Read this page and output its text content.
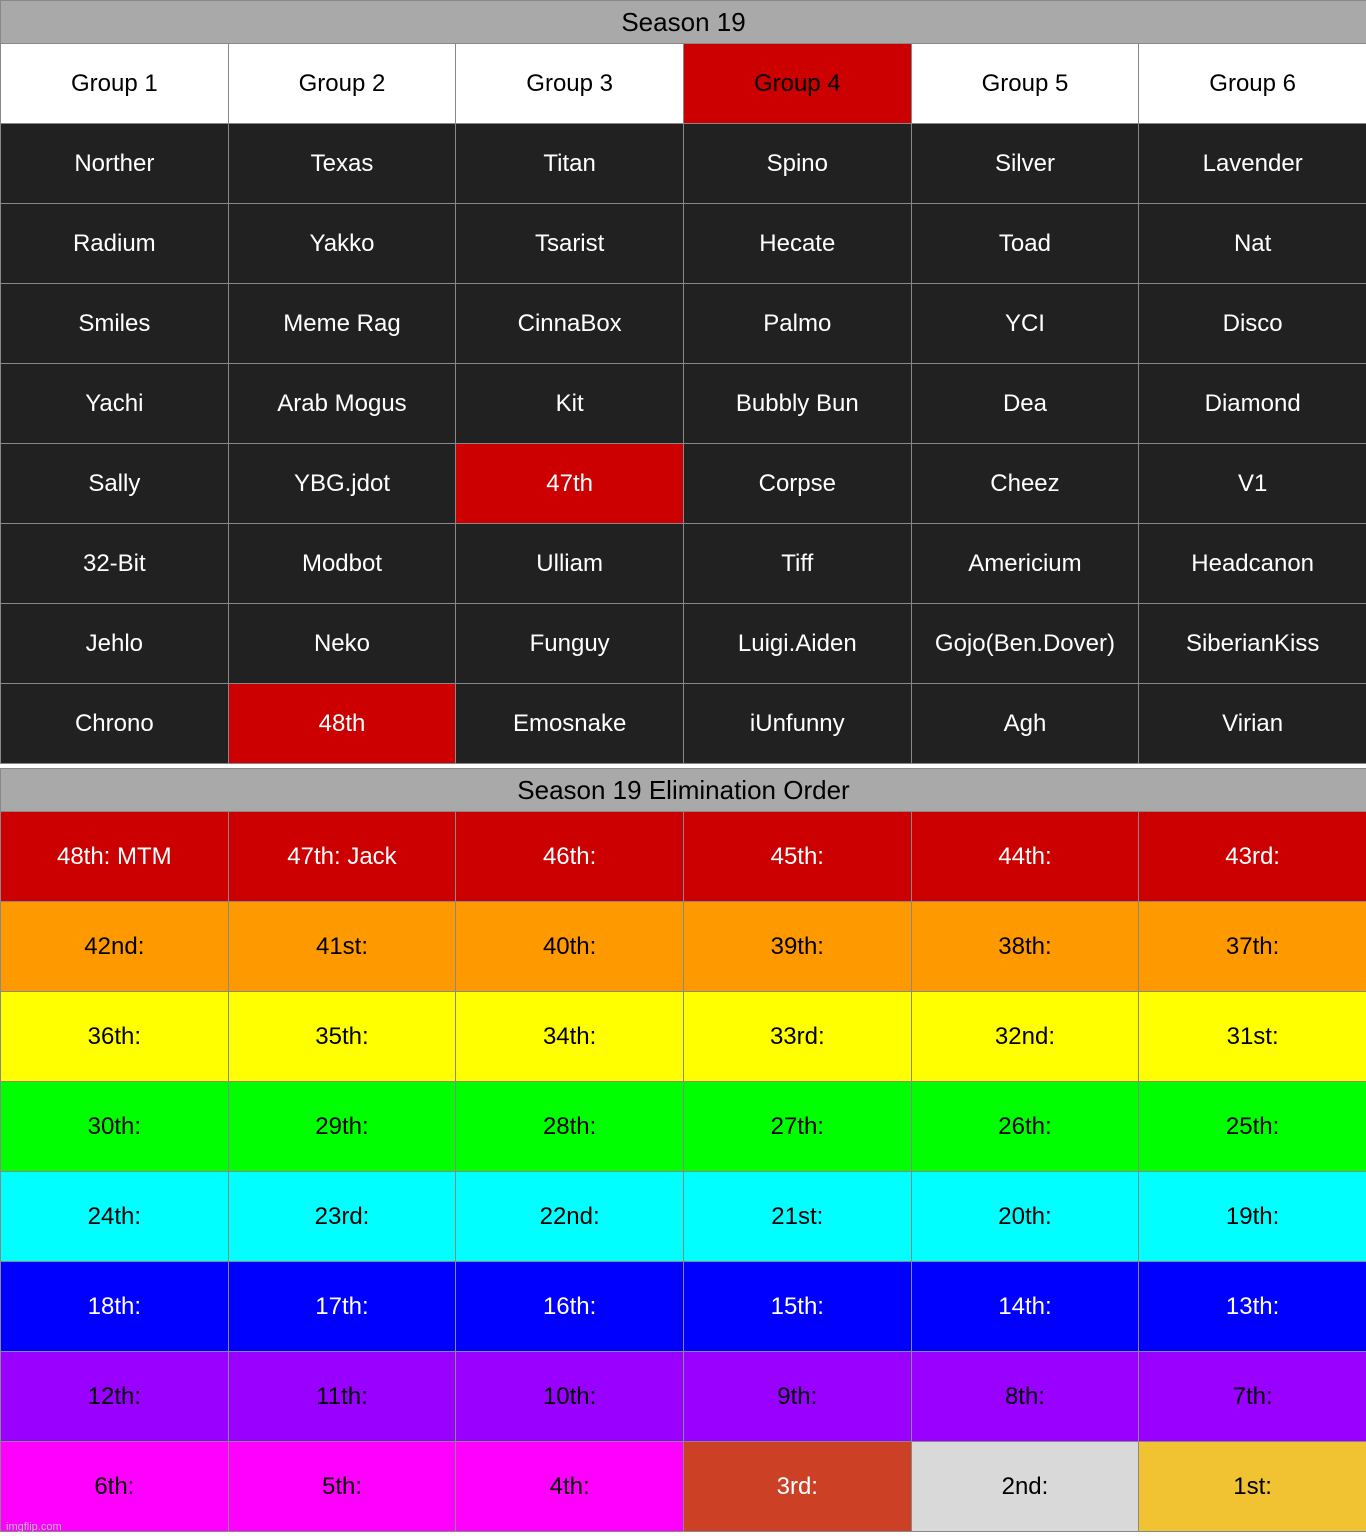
Season 19					
Group 1	Group 2	Group 3	Group 4	Group 5	Group 6
Norther	Texas	Titan	Spino	Silver	Lavender
Radium	Yakko	Tsarist	Hecate	Toad	Nat
Smiles	Meme Rag	CinnaBox	Palmo	YCI	Disco
Yachi	Arab Mogus	Kit	Bubbly Bun	Dea	Diamond
Sally	YBG.jdot	47th	Corpse	Cheez	V1
32-Bit	Modbot	Ulliam	Tiff	Americium	Headcanon
Jehlo	Neko	Funguy	Luigi.Aiden	Gojo(Ben.Dover)	SiberianKiss
Chrono	48th	Emosnake	iUnfunny	Agh	Virian
Season 19 Elimination Order					
48th: MTM	47th: Jack	46th:	45th:	44th:	43rd:
42nd:	41st:	40th:	39th:	38th:	37th:
36th:	35th:	34th:	33rd:	32nd:	31st:
30th:	29th:	28th:	27th:	26th:	25th:
24th:	23rd:	22nd:	21st:	20th:	19th:
18th:	17th:	16th:	15th:	14th:	13th:
12th:	11th:	10th:	9th:	8th:	7th:
6th:	5th:	4th:	3rd:	2nd:	1st:
imgflip.com
